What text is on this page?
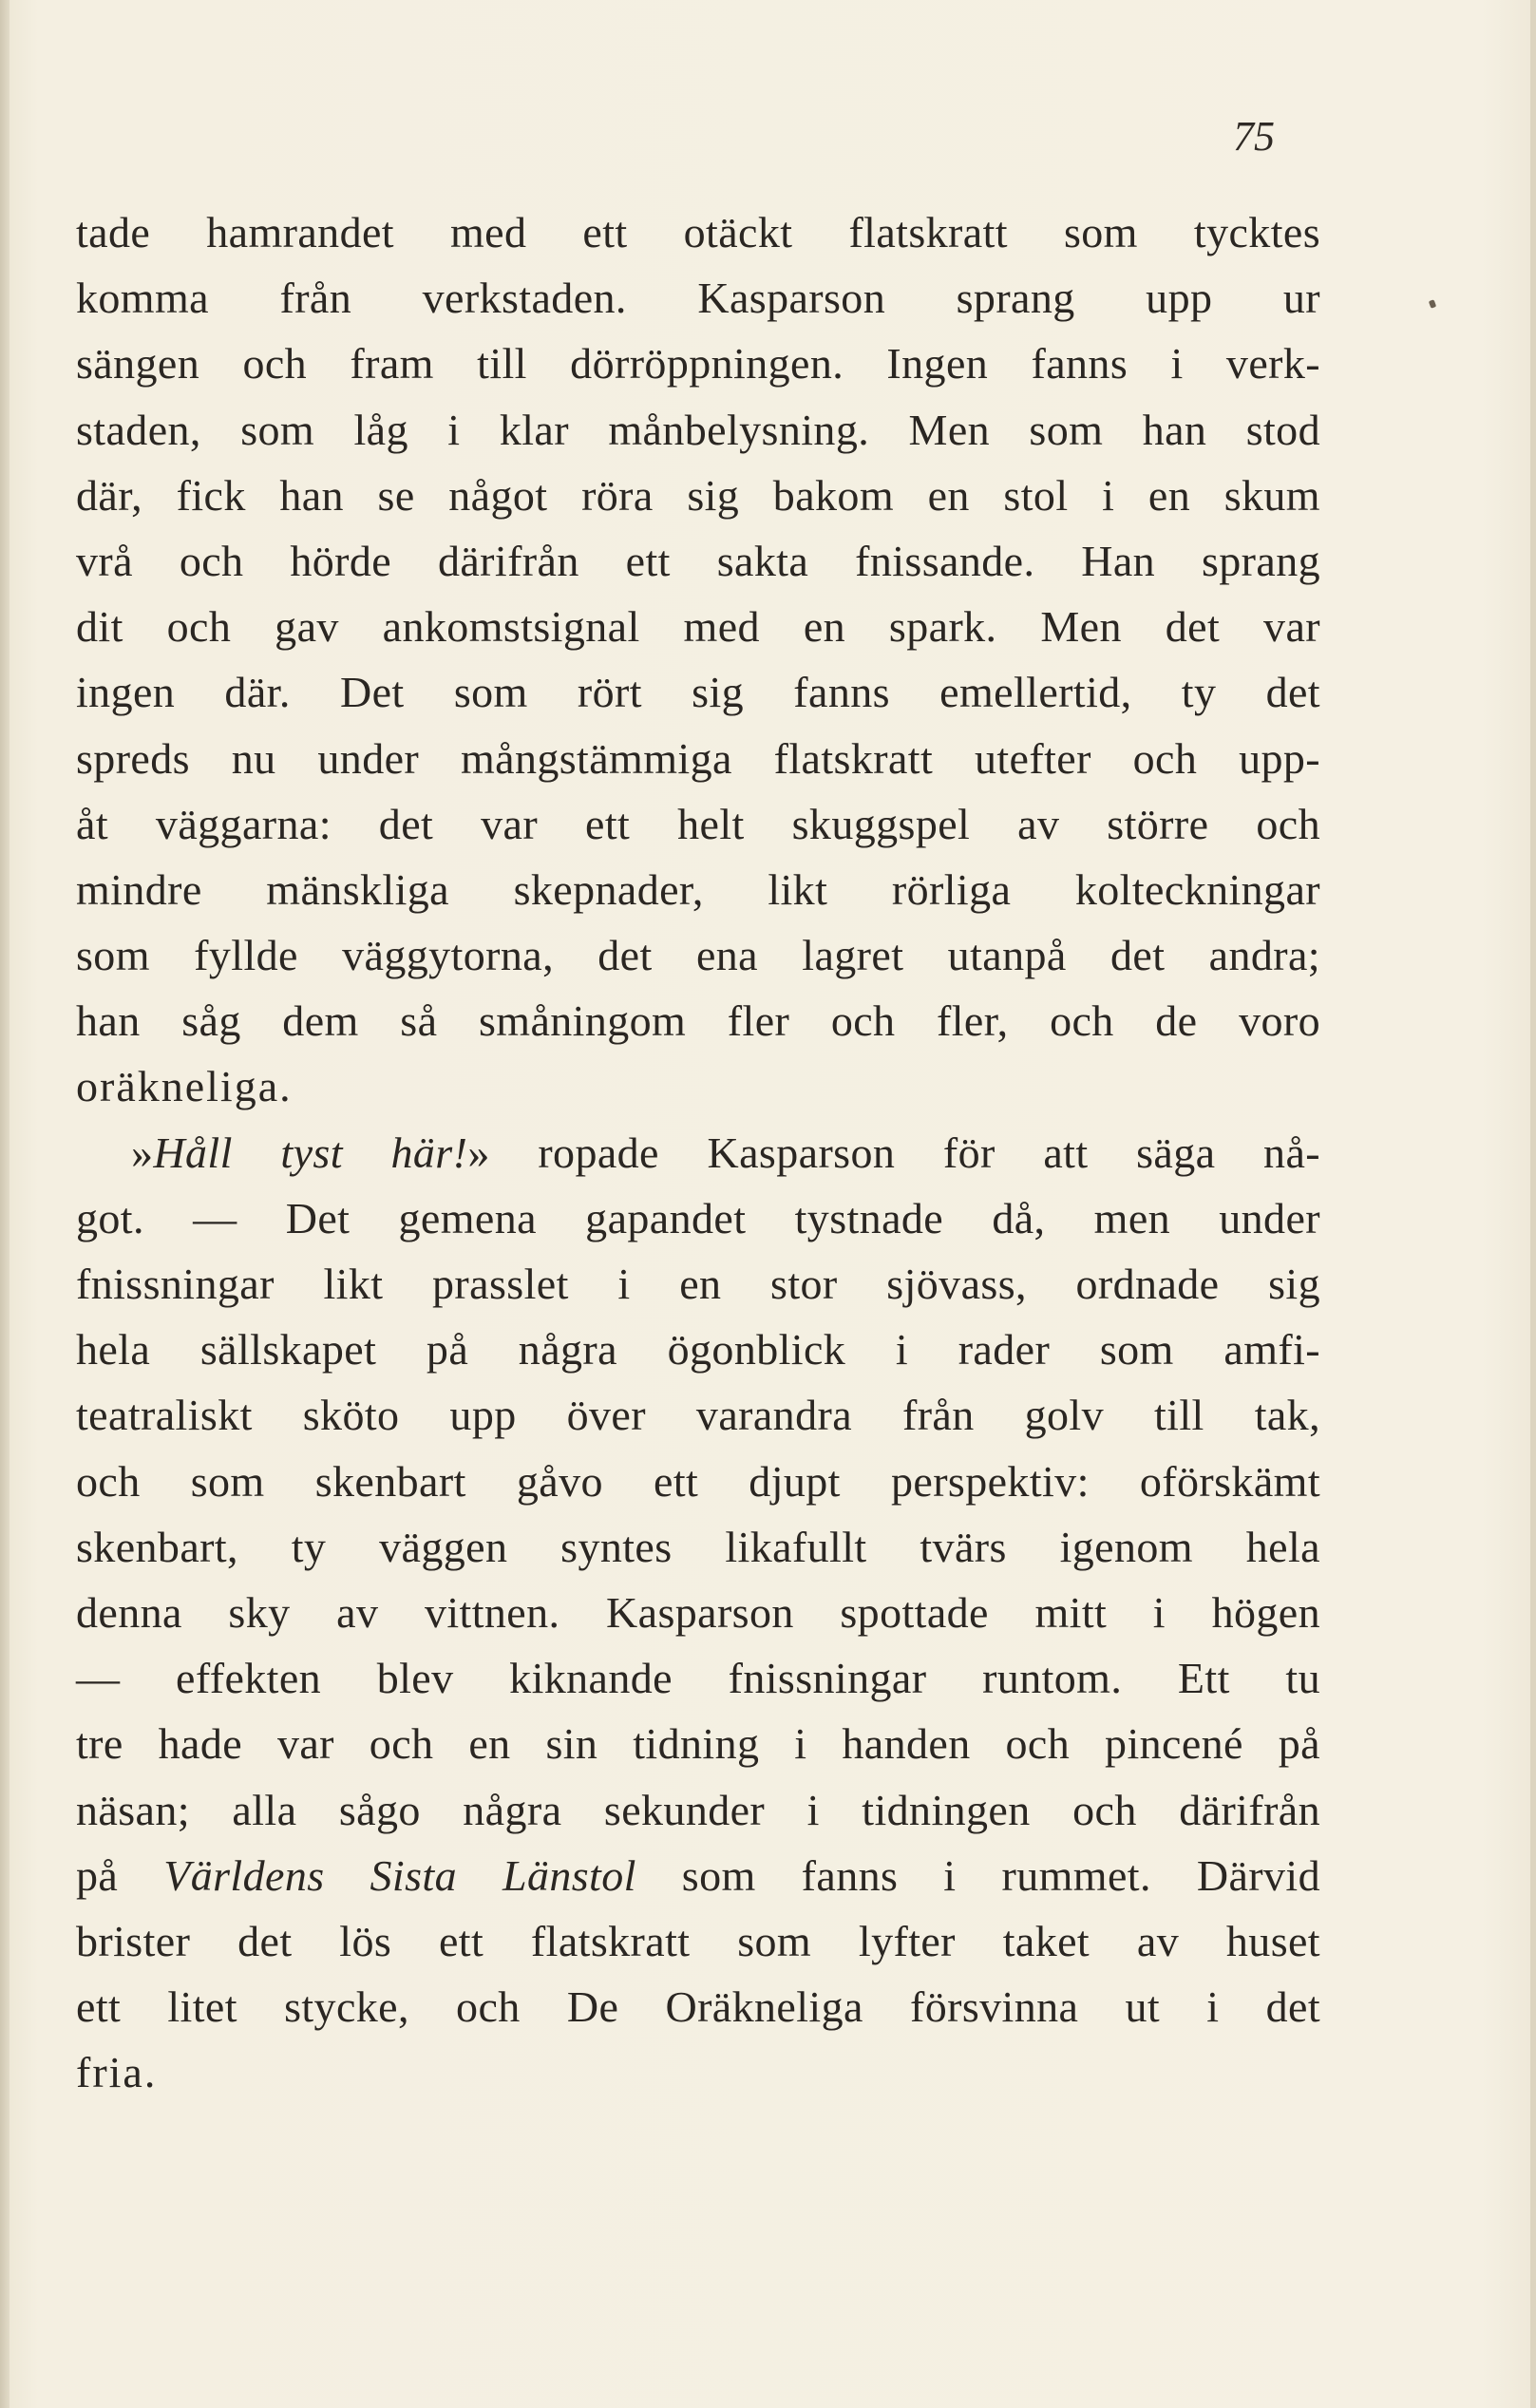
75
tade hamrandet med ett otäckt flatskratt som tycktes
komma från verkstaden. Kasparson sprang upp ur
sängen och fram till dörröppningen. Ingen fanns i verk-
staden, som låg i klar månbelysning. Men som han stod
där, fick han se något röra sig bakom en stol i en skum
vrå och hörde därifrån ett sakta fnissande. Han sprang
dit och gav ankomstsignal med en spark. Men det var
ingen där. Det som rört sig fanns emellertid, ty det
spreds nu under mångstämmiga flatskratt utefter och upp-
åt väggarna: det var ett helt skuggspel av större och
mindre mänskliga skepnader, likt rörliga kolteckningar
som fyllde väggytorna, det ena lagret utanpå det andra;
han såg dem så småningom fler och fler, och de voro
oräkneliga.
»Håll tyst här!» ropade Kasparson för att säga nå-
got. — Det gemena gapandet tystnade då, men under
fnissningar likt prasslet i en stor sjövass, ordnade sig
hela sällskapet på några ögonblick i rader som amfi-
teatraliskt sköto upp över varandra från golv till tak,
och som skenbart gåvo ett djupt perspektiv: oförskämt
skenbart, ty väggen syntes likafullt tvärs igenom hela
denna sky av vittnen. Kasparson spottade mitt i högen
— effekten blev kiknande fnissningar runtom. Ett tu
tre hade var och en sin tidning i handen och pincené på
näsan; alla sågo några sekunder i tidningen och därifrån
på Världens Sista Länstol som fanns i rummet. Därvid
brister det lös ett flatskratt som lyfter taket av huset
ett litet stycke, och De Oräkneliga försvinna ut i det
fria.
